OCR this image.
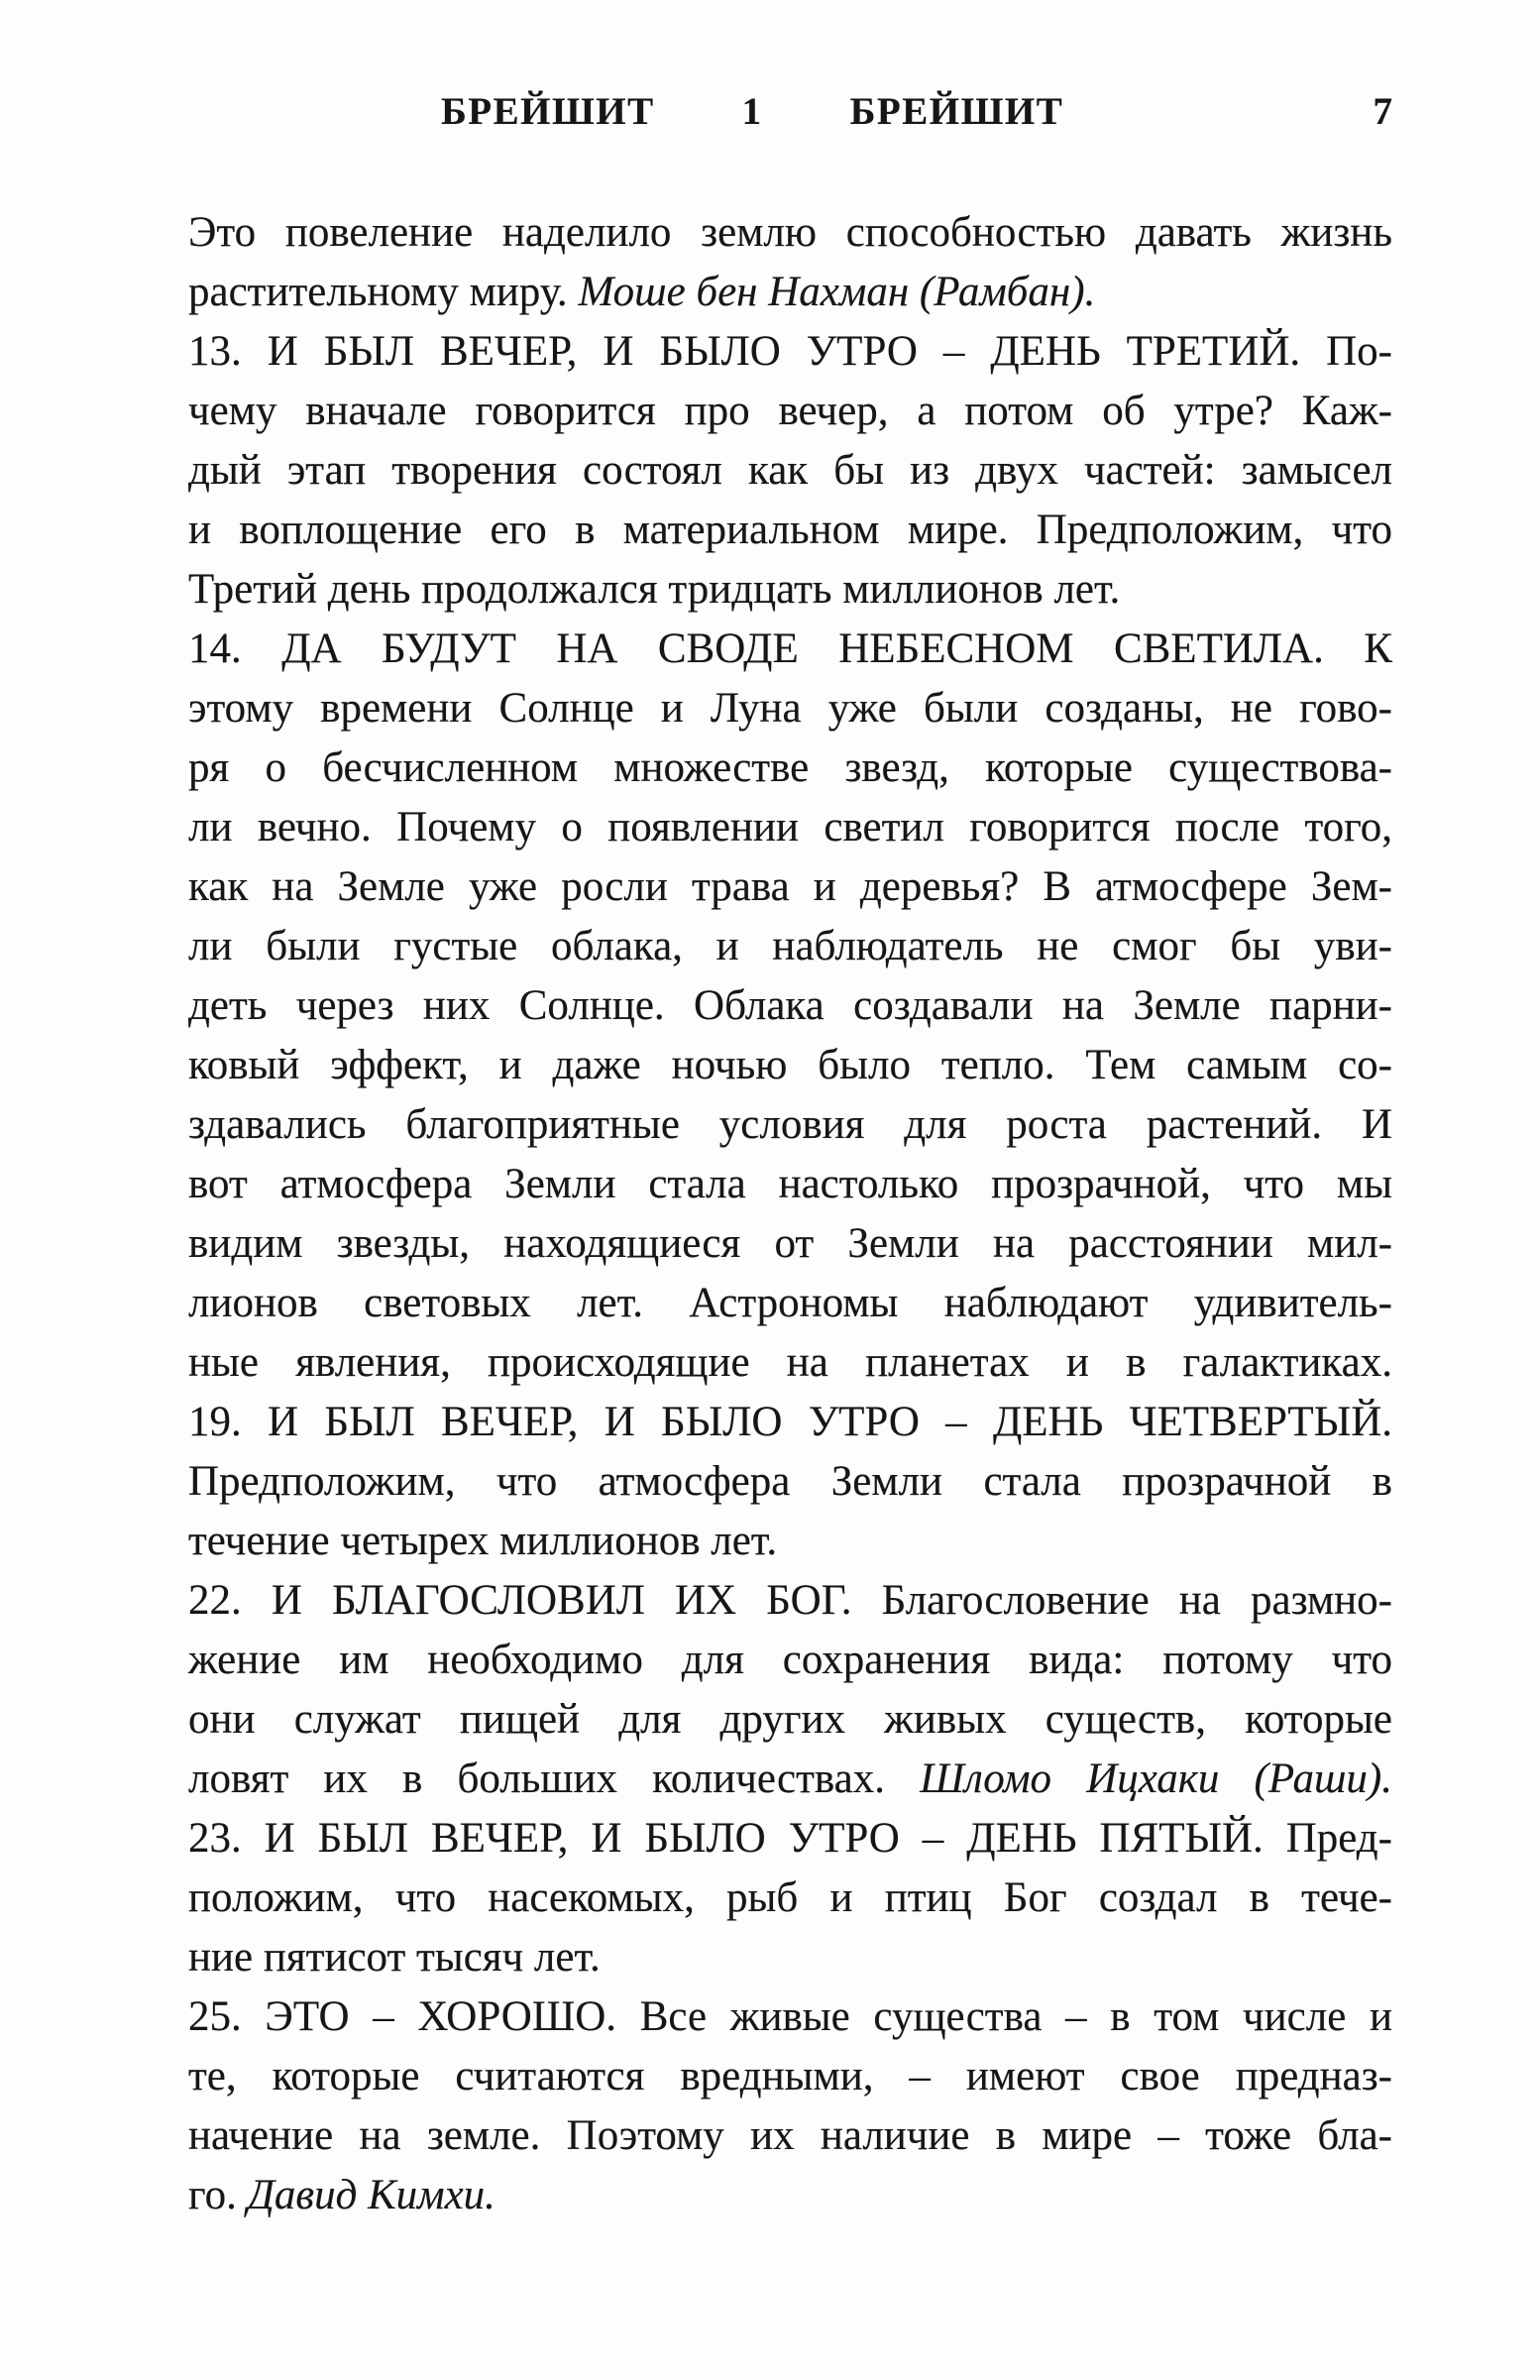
БРЕЙШИТ 1 БРЕЙШИТ	7
Это повеление наделило землю способностью давать жизнь
растительному миру. Моше бен Нахман (Рамбан).
13. И БЫЛ ВЕЧЕР, И БЫЛО УТРО – ДЕНЬ ТРЕТИЙ. По-
чему вначале говорится про вечер, а потом об утре? Каж-
дый этап творения состоял как бы из двух частей: замысел
и воплощение его в материальном мире. Предположим, что
Третий день продолжался тридцать миллионов лет.
14. ДА БУДУТ НА СВОДЕ НЕБЕСНОМ СВЕТИЛА. К
этому времени Солнце и Луна уже были созданы, не гово-
ря о бесчисленном множестве звезд, которые существова-
ли вечно. Почему о появлении светил говорится после того,
как на Земле уже росли трава и деревья? В атмосфере Зем-
ли были густые облака, и наблюдатель не смог бы уви-
деть через них Солнце. Облака создавали на Земле парни-
ковый эффект, и даже ночью было тепло. Тем самым со-
здавались благоприятные условия для роста растений. И
вот атмосфера Земли стала настолько прозрачной, что мы
видим звезды, находящиеся от Земли на расстоянии мил-
лионов световых лет. Астрономы наблюдают удивитель-
ные явления, происходящие на планетах и в галактиках.
19. И БЫЛ ВЕЧЕР, И БЫЛО УТРО – ДЕНЬ ЧЕТВЕРТЫЙ.
Предположим, что атмосфера Земли стала прозрачной в
течение четырех миллионов лет.
22. И БЛАГОСЛОВИЛ ИХ БОГ. Благословение на размно-
жение им необходимо для сохранения вида: потому что
они служат пищей для других живых существ, которые
ловят их в больших количествах. Шломо Ицхаки (Раши).
23. И БЫЛ ВЕЧЕР, И БЫЛО УТРО – ДЕНЬ ПЯТЫЙ. Пред-
положим, что насекомых, рыб и птиц Бог создал в тече-
ние пятисот тысяч лет.
25. ЭТО – ХОРОШО. Все живые существа – в том числе и
те, которые считаются вредными, – имеют свое предназ-
начение на земле. Поэтому их наличие в мире – тоже бла-
го. Давид Кимхи.
